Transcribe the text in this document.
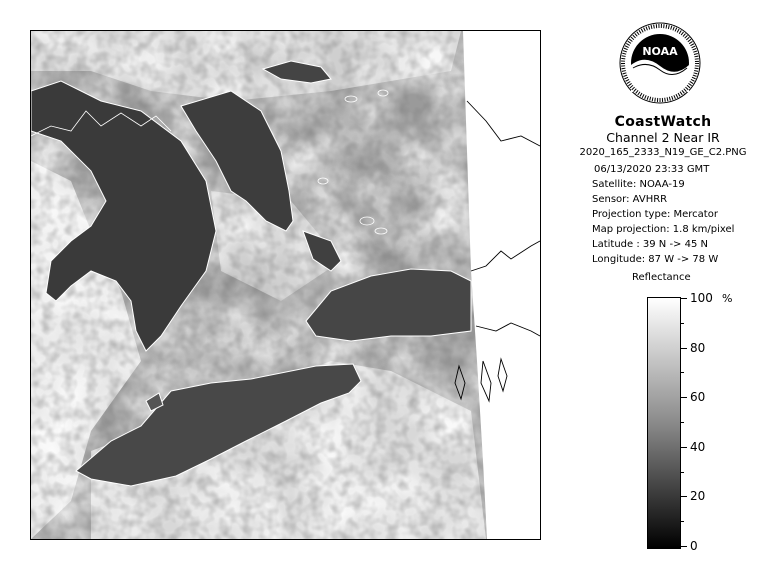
NOAA
CoastWatch
Channel 2 Near IR
2020_165_2333_N19_GE_C2.PNG
06/13/2020 23:33 GMT
Satellite: NOAA-19
Sensor: AVHRR
Projection type: Mercator
Map projection: 1.8 km/pixel
Latitude : 39 N -> 45 N
Longitude: 87 W -> 78 W
Reflectance
%
100
80
60
40
20
0
